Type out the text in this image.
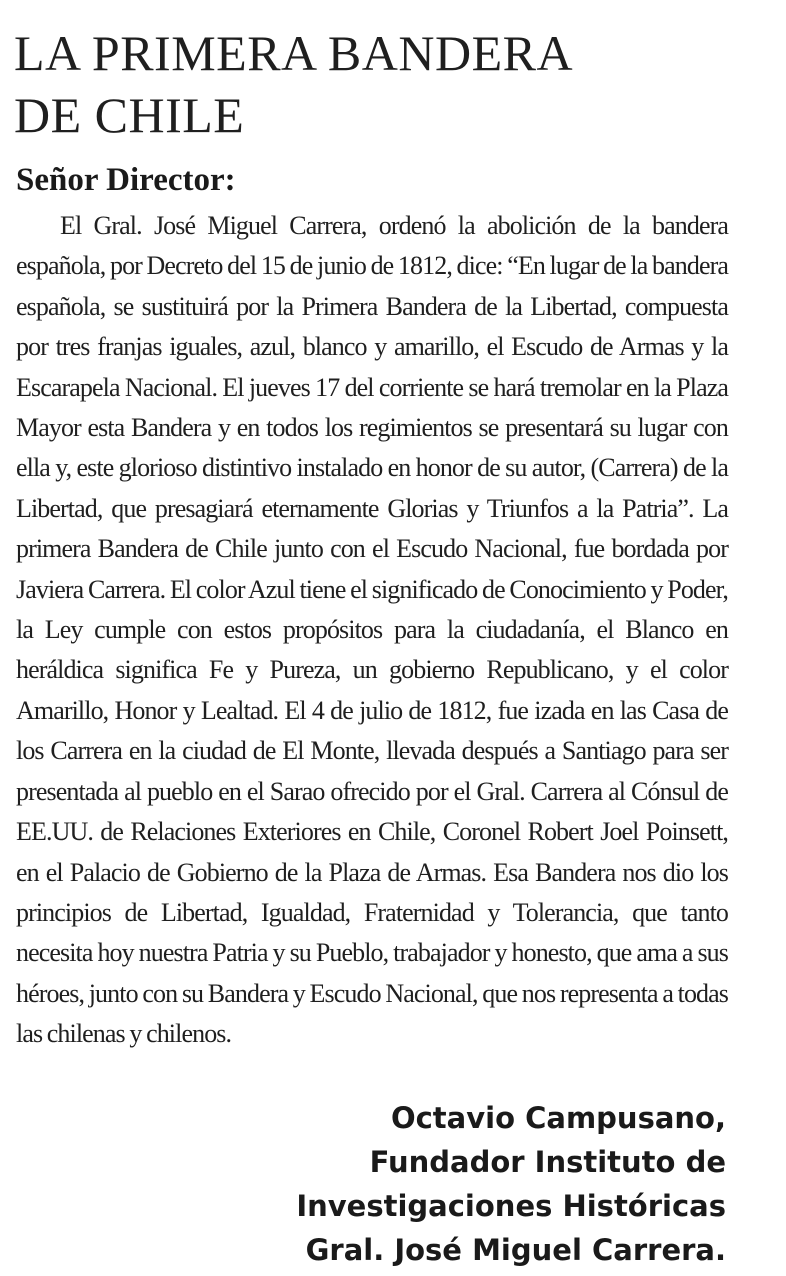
LA PRIMERA BANDERA
DE CHILE

Señor Director:

El Gral. José Miguel Carrera, ordenó la abolición de la bandera española, por Decreto del 15 de junio de 1812, dice: “En lugar de la bandera española, se sustituirá por la Primera Bandera de la Libertad, compuesta por tres franjas iguales, azul, blanco y amarillo, el Escudo de Armas y la Escarapela Nacional. El jueves 17 del corriente se hará tremolar en la Plaza Mayor esta Bandera y en todos los regimientos se presentará su lugar con ella y, este glorioso distintivo instalado en honor de su autor, (Carrera) de la Libertad, que presagiará eternamente Glorias y Triunfos a la Patria”. La primera Bandera de Chile junto con el Escudo Nacional, fue bordada por Javiera Carrera. El color Azul tiene el significado de Conocimiento y Poder, la Ley cumple con estos propósitos para la ciudadanía, el Blanco en heráldica significa Fe y Pureza, un gobierno Republicano, y el color Amarillo, Honor y Lealtad. El 4 de julio de 1812, fue izada en las Casa de los Carrera en la ciudad de El Monte, llevada después a Santiago para ser presentada al pueblo en el Sarao ofrecido por el Gral. Carrera al Cónsul de EE.UU. de Relaciones Exteriores en Chile, Coronel Robert Joel Poinsett, en el Palacio de Gobierno de la Plaza de Armas. Esa Bandera nos dio los principios de Libertad, Igualdad, Fraternidad y Tolerancia, que tanto necesita hoy nuestra Patria y su Pueblo, trabajador y honesto, que ama a sus héroes, junto con su Bandera y Escudo Nacional, que nos representa a todas las chilenas y chilenos.

Octavio Campusano,
Fundador Instituto de
Investigaciones Históricas
Gral. José Miguel Carrera.
